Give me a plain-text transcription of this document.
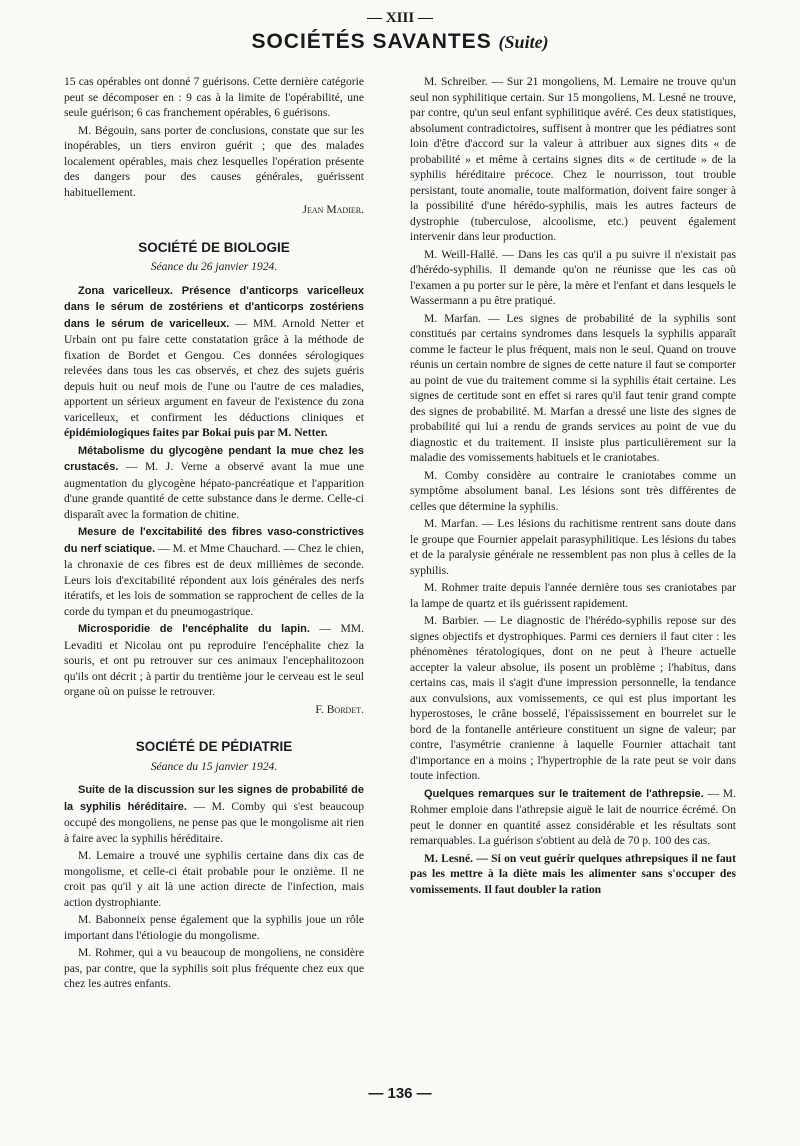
— XIII —
SOCIÉTÉS SAVANTES (Suite)

15 cas opérables ont donné 7 guérisons. Cette dernière catégorie peut se décomposer en : 9 cas à la limite de l'opérabilité, une seule guérison; 6 cas franchement opérables, 6 guérisons.

M. Bégouin, sans porter de conclusions, constate que sur les inopérables, un tiers environ guérit ; que des malades localement opérables, mais chez lesquelles l'opération présente des dangers pour des causes générales, guérissent habituellement.

Jean Madier.
SOCIÉTÉ DE BIOLOGIE
Séance du 26 janvier 1924.

Zona varicelleux. Présence d'anticorps varicelleux dans le sérum de zostériens et d'anticorps zostériens dans le sérum de varicelleux. — MM. Arnold Netter et Urbain ont pu faire cette constatation grâce à la méthode de fixation de Bordet et Gengou. Ces données sérologiques relevées dans tous les cas observés, et chez des sujets guéris depuis huit ou neuf mois de l'une ou l'autre de ces maladies, apportent un sérieux argument en faveur de l'existence du zona varicelleux, et confirment les déductions cliniques et épidémiologiques faites par Bokai puis par M. Netter.

Métabolisme du glycogène pendant la mue chez les crustacés. — M. J. Verne a observé avant la mue une augmentation du glycogène hépato-pancréatique et l'apparition d'une grande quantité de cette substance dans le derme. Celle-ci disparaît avec la formation de chitine.

Mesure de l'excitabilité des fibres vaso-constrictives du nerf sciatique. — M. et Mme Chauchard. — Chez le chien, la chronaxie de ces fibres est de deux millièmes de seconde. Leurs lois d'excitabilité répondent aux lois générales des nerfs itératifs, et les lois de sommation se rapprochent de celles de la corde du tympan et du pneumogastrique.

Microsporidie de l'encéphalite du lapin. — MM. Levaditi et Nicolau ont pu reproduire l'encéphalite chez la souris, et ont pu retrouver sur ces animaux l'encephalitozoon qu'ils ont décrit ; à partir du trentième jour le cerveau est le seul organe où on puisse le retrouver.

F. Bordet.
SOCIÉTÉ DE PÉDIATRIE
Séance du 15 janvier 1924.

Suite de la discussion sur les signes de probabilité de la syphilis héréditaire. — M. Comby qui s'est beaucoup occupé des mongoliens, ne pense pas que le mongolisme ait rien à faire avec la syphilis héréditaire.

M. Lemaire a trouvé une syphilis certaine dans dix cas de mongolisme, et celle-ci était probable pour le onzième. Il ne croit pas qu'il y ait là une action directe de l'infection, mais action dystrophiante.

M. Babonneix pense également que la syphilis joue un rôle important dans l'étiologie du mongolisme.

M. Rohmer, qui a vu beaucoup de mongoliens, ne considère pas, par contre, que la syphilis soit plus fréquente chez eux que chez les autres enfants.

M. Schreiber. — Sur 21 mongoliens, M. Lemaire ne trouve qu'un seul non syphilitique certain. Sur 15 mongoliens, M. Lesné ne trouve, par contre, qu'un seul enfant syphilitique avéré. Ces deux statistiques, absolument contradictoires, suffisent à montrer que les pédiatres sont loin d'être d'accord sur la valeur à attribuer aux signes dits « de probabilité » et même à certains signes dits « de certitude » de la syphilis héréditaire précoce. Chez le nourrisson, tout trouble persistant, toute anomalie, toute malformation, doivent faire songer à la possibilité d'une hérédo-syphilis, mais les autres facteurs de dystrophie (tuberculose, alcoolisme, etc.) peuvent également intervenir dans leur production.

M. Weill-Hallé. — Dans les cas qu'il a pu suivre il n'existait pas d'hérédo-syphilis. Il demande qu'on ne réunisse que les cas où l'examen a pu porter sur le père, la mère et l'enfant et dans lesquels le Wassermann a pu être pratiqué.

M. Marfan. — Les signes de probabilité de la syphilis sont constitués par certains syndromes dans lesquels la syphilis apparaît comme le facteur le plus fréquent, mais non le seul. Quand on trouve réunis un certain nombre de signes de cette nature il faut se comporter au point de vue du traitement comme si la syphilis était certaine. Les signes de certitude sont en effet si rares qu'il faut tenir grand compte des signes de probabilité. M. Marfan a dressé une liste des signes de probabilité qui lui a rendu de grands services au point de vue du diagnostic et du traitement. Il insiste plus particulièrement sur la maladie des vomissements habituels et le craniotabes.

M. Comby considère au contraire le craniotabes comme un symptôme absolument banal. Les lésions sont très différentes de celles que détermine la syphilis.

M. Marfan. — Les lésions du rachitisme rentrent sans doute dans le groupe que Fournier appelait parasyphilitique. Les lésions du tabes et de la paralysie générale ne ressemblent pas non plus à celles de la syphilis.

M. Rohmer traite depuis l'année dernière tous ses craniotabes par la lampe de quartz et ils guérissent rapidement.

M. Barbier. — Le diagnostic de l'hérédo-syphilis repose sur des signes objectifs et dystrophiques. Parmi ces derniers il faut citer : les phénomènes tératologiques, dont on ne peut à l'heure actuelle accepter la valeur absolue, ils posent un problème ; l'habitus, dans certains cas, mais il s'agit d'une impression personnelle, la tendance aux convulsions, aux vomissements, ce qui est plus important les hyperostoses, le crâne bosselé, l'épaississement en bourrelet sur le bord de la fontanelle antérieure constituent un signe de valeur; par contre, l'asymétrie cranienne à laquelle Fournier attachait tant d'importance en a moins ; l'hypertrophie de la rate peut se voir dans toute infection.

Quelques remarques sur le traitement de l'athrepsie. — M. Rohmer emploie dans l'athrepsie aiguë le lait de nourrice écrémé. On peut le donner en quantité assez considérable et les résultats sont remarquables. La guérison s'obtient au delà de 70 p. 100 des cas.

M. Lesné. — Si on veut guérir quelques athrepsiques il ne faut pas les mettre à la diète mais les alimenter sans s'occuper des vomissements. Il faut doubler la ration

— 136 —
